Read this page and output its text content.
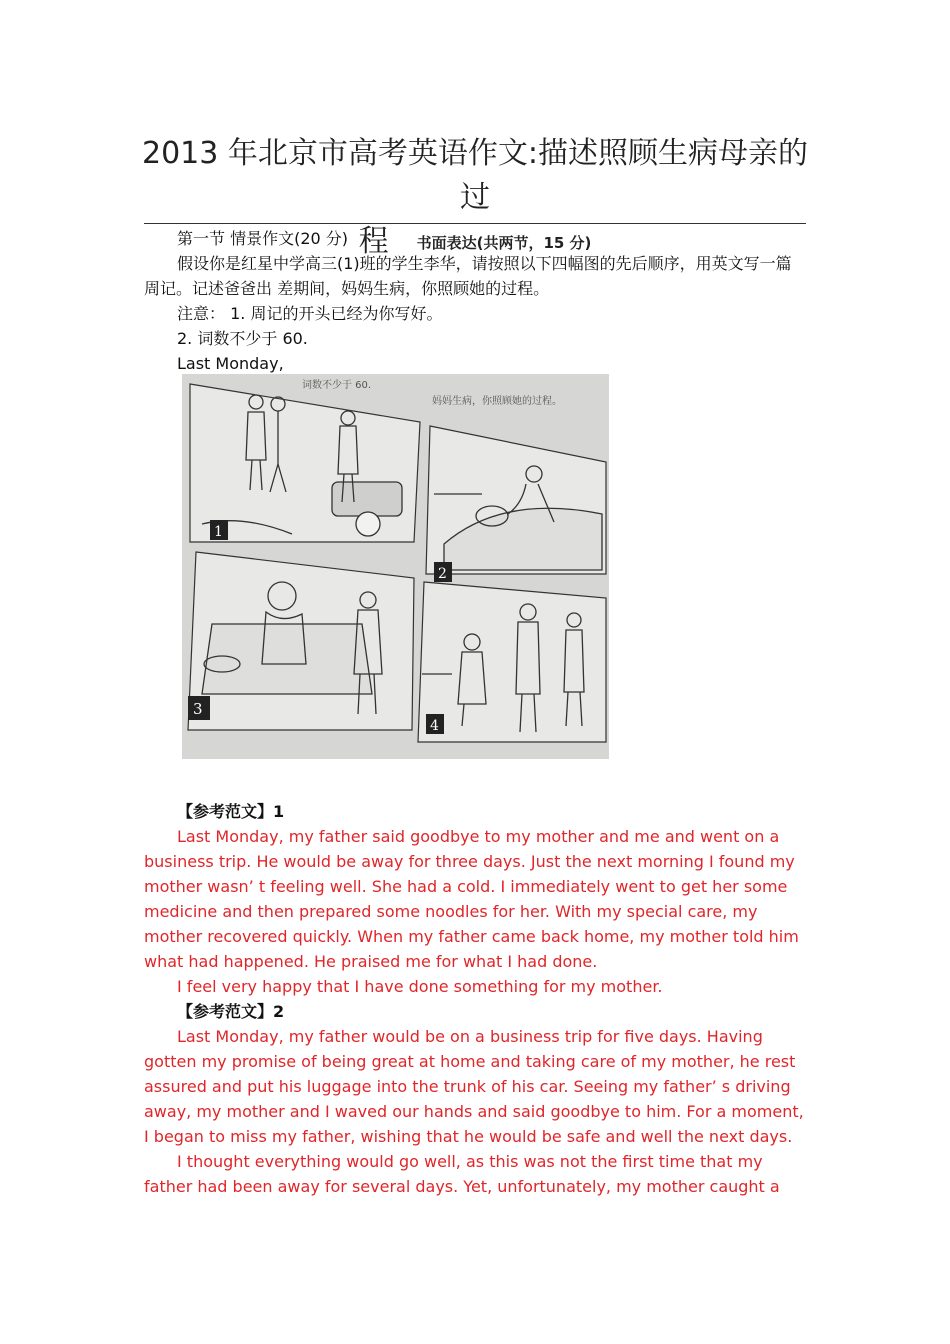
2013 年北京市高考英语作文:描述照顾生病母亲的过
程 书面表达(共两节，15 分)
第一节 情景作文(20 分)
假设你是红星中学高三(1)班的学生李华，请按照以下四幅图的先后顺序，用英文写一篇
周记。记述爸爸出 差期间，妈妈生病，你照顾她的过程。
注意： 1. 周记的开头已经为你写好。
2. 词数不少于 60.
Last Monday,
词数不少于 60.
妈妈生病，你照顾她的过程。
1
2
3
4
【参考范文】1
Last Monday, my father said goodbye to my mother and me and went on a
business trip. He would be away for three days. Just the next morning I found my
mother wasn’ t feeling well. She had a cold. I immediately went to get her some
medicine and then prepared some noodles for her. With my special care, my
mother recovered quickly. When my father came back home, my mother told him
what had happened. He praised me for what I had done.
I feel very happy that I have done something for my mother.
【参考范文】2
Last Monday, my father would be on a business trip for five days. Having
gotten my promise of being great at home and taking care of my mother, he rest
assured and put his luggage into the trunk of his car. Seeing my father’ s driving
away, my mother and I waved our hands and said goodbye to him. For a moment,
I began to miss my father, wishing that he would be safe and well the next days.
I thought everything would go well, as this was not the first time that my
father had been away for several days. Yet, unfortunately, my mother caught a
